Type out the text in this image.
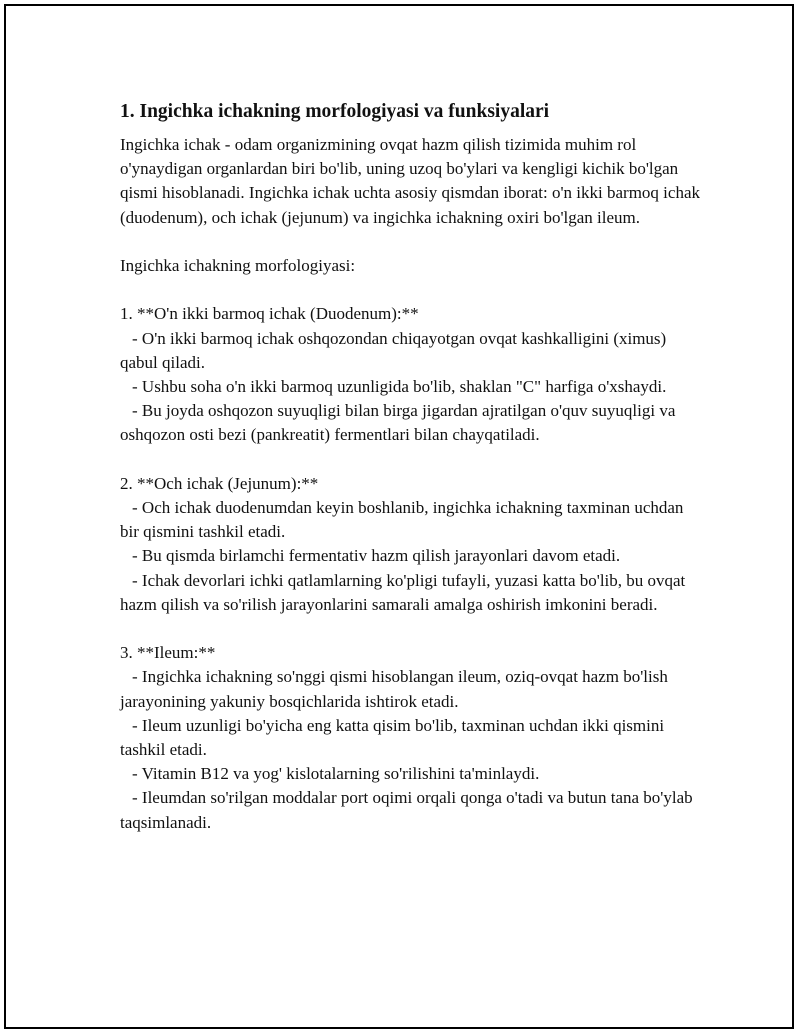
1. Ingichka ichakning morfologiyasi va funksiyalari

Ingichka ichak - odam organizmining ovqat hazm qilish tizimida muhim rol o'ynaydigan organlardan biri bo'lib, uning uzoq bo'ylari va kengligi kichik bo'lgan qismi hisoblanadi. Ingichka ichak uchta asosiy qismdan iborat: o'n ikki barmoq ichak (duodenum), och ichak (jejunum) va ingichka ichakning oxiri bo'lgan ileum.

Ingichka ichakning morfologiyasi:

1. **O'n ikki barmoq ichak (Duodenum):**

- O'n ikki barmoq ichak oshqozondan chiqayotgan ovqat kashkalligini (ximus) qabul qiladi.

- Ushbu soha o'n ikki barmoq uzunligida bo'lib, shaklan "C" harfiga o'xshaydi.

- Bu joyda oshqozon suyuqligi bilan birga jigardan ajratilgan o'quv suyuqligi va oshqozon osti bezi (pankreatit) fermentlari bilan chayqatiladi.

2. **Och ichak (Jejunum):**

- Och ichak duodenumdan keyin boshlanib, ingichka ichakning taxminan uchdan bir qismini tashkil etadi.

- Bu qismda birlamchi fermentativ hazm qilish jarayonlari davom etadi.

- Ichak devorlari ichki qatlamlarning ko'pligi tufayli, yuzasi katta bo'lib, bu ovqat hazm qilish va so'rilish jarayonlarini samarali amalga oshirish imkonini beradi.

3. **Ileum:**

- Ingichka ichakning so'nggi qismi hisoblangan ileum, oziq-ovqat hazm bo'lish jarayonining yakuniy bosqichlarida ishtirok etadi.

- Ileum uzunligi bo'yicha eng katta qisim bo'lib, taxminan uchdan ikki qismini tashkil etadi.

- Vitamin B12 va yog' kislotalarning so'rilishini ta'minlaydi.

- Ileumdan so'rilgan moddalar port oqimi orqali qonga o'tadi va butun tana bo'ylab taqsimlanadi.
